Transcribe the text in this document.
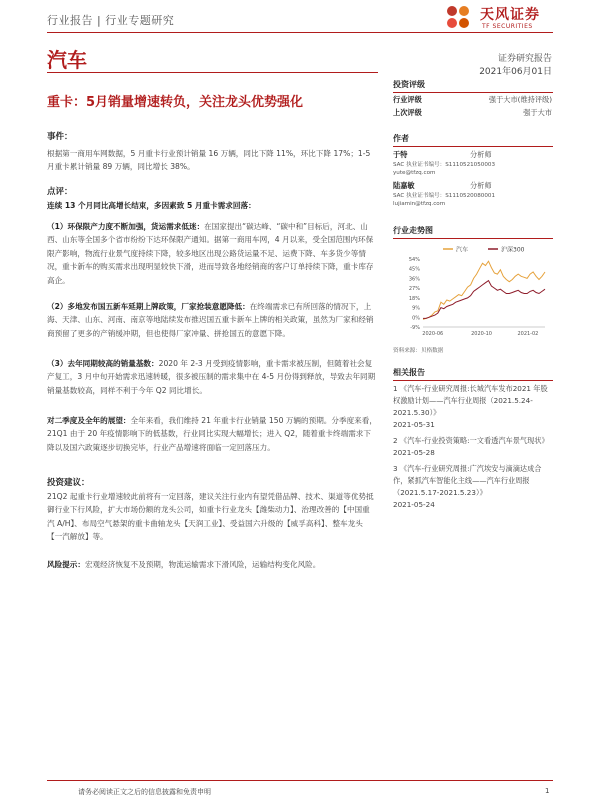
行业报告 | 行业专题研究	天风证券
TF SECURITIES
汽车	证券研究报告
2021年06月01日
重卡：5月销量增速转负，关注龙头优势强化
事件：
根据第一商用车网数据，5 月重卡行业预计销量 16 万辆，同比下降 11%，环比下降 17%；1-5 月重卡累计销量 89 万辆，同比增长 38%。
点评：
连续 13 个月同比高增长结束，多因素致 5 月重卡需求回落：
（1）环保限产力度不断加强，货运需求低迷：在国家提出“碳达峰、“碳中和”目标后，河北、山西、山东等全国多个省市纷纷下达环保限产通知。据第一商用车网，4 月以来，受全国范围内环保限产影响，物流行业景气度持续下降，较多地区出现公路货运量不足、运费下降、车多货少等情况，重卡新车的购买需求出现明显较快下滑，进而导致各地经销商的客户订单持续下降，重卡库存高企。
（2）多地发布国五新车延期上牌政策，厂家抢装意愿降低：在终端需求已有所回落的情况下，上海、天津、山东、河南、南京等地陆续发布推迟国五重卡新车上牌的相关政策，虽然为厂家和经销商预留了更多的产销缓冲期，但也使得厂家冲量、拼抢国五的意愿下降。
（3）去年同期较高的销量基数：2020 年 2-3 月受到疫情影响，重卡需求被压制，但随着社会复产复工，3 月中旬开始需求迅速转暖，很多被压制的需求集中在 4-5 月份得到释放，导致去年同期销量基数较高，同样不利于今年 Q2 同比增长。
对二季度及全年的展望：全年来看，我们维持 21 年重卡行业销量 150 万辆的预期。分季度来看，21Q1 由于 20 年疫情影响下的低基数，行业同比实现大幅增长；进入 Q2，随着重卡终端需求下降以及国六政策逐步切换完毕，行业产品增速将面临一定回落压力。
投资建议：
21Q2 起重卡行业增速较此前将有一定回落，建议关注行业内有望凭借品牌、技术、渠道等优势抵御行业下行风险，扩大市场份额的龙头公司，如重卡行业龙头【潍柴动力】、治理改善的【中国重汽 A/H】、布局空气悬架的重卡曲轴龙头【天润工业】、受益国六升级的【威孚高科】、整车龙头【一汽解放】等。
风险提示：宏观经济恢复不及预期，物流运输需求下滑风险，运输结构变化风险。
投资评级
行业评级	强于大市(维持评级)
上次评级	强于大市
作者
于特	分析师
SAC 执业证书编号：S1110521050003
yute@tfzq.com
陆嘉敏	分析师
SAC 执业证书编号：S1110520080001
lujiamin@tfzq.com
行业走势图
汽车	沪深300
54%
45%
36%
27%
18%
9%
0%
-9%
2020-06	2020-10	2021-02
资料来源：贝格数据
相关报告
1 《汽车-行业研究周报:长城汽车发布2021 年股权激励计划——汽车行业周报（2021.5.24-2021.5.30）》
2021-05-31
2 《汽车-行业投资策略:一文看透汽车景气现状》
2021-05-28
3 《汽车-行业研究周报:广汽埃安与滴滴达成合作，紧抓汽车智能化主线——汽车行业周报（2021.5.17-2021.5.23）》
2021-05-24
请务必阅读正文之后的信息披露和免责申明	1
